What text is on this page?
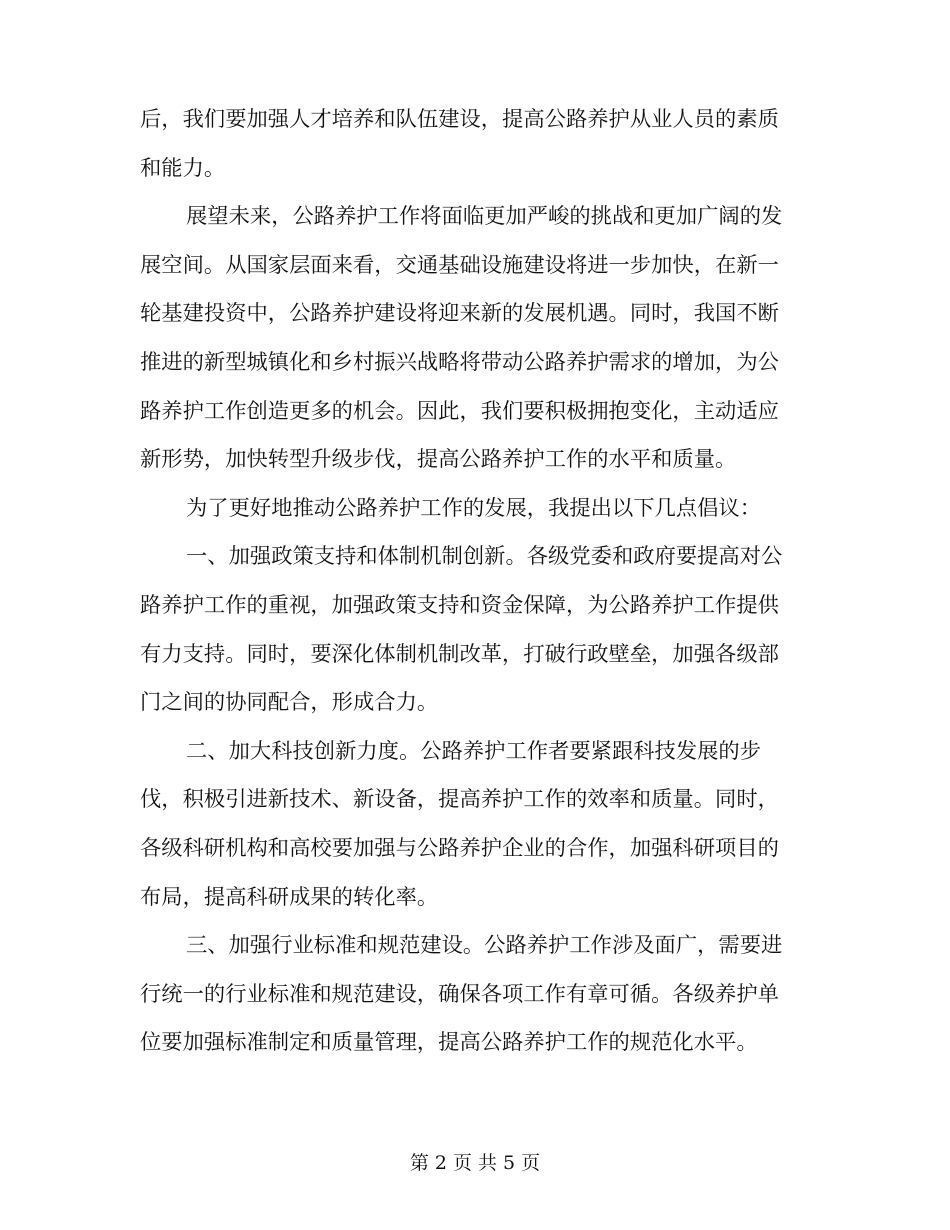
后，我们要加强人才培养和队伍建设，提高公路养护从业人员的素质
和能力。
展望未来，公路养护工作将面临更加严峻的挑战和更加广阔的发
展空间。从国家层面来看，交通基础设施建设将进一步加快，在新一
轮基建投资中，公路养护建设将迎来新的发展机遇。同时，我国不断
推进的新型城镇化和乡村振兴战略将带动公路养护需求的增加，为公
路养护工作创造更多的机会。因此，我们要积极拥抱变化，主动适应
新形势，加快转型升级步伐，提高公路养护工作的水平和质量。
为了更好地推动公路养护工作的发展，我提出以下几点倡议：
一、加强政策支持和体制机制创新。各级党委和政府要提高对公
路养护工作的重视，加强政策支持和资金保障，为公路养护工作提供
有力支持。同时，要深化体制机制改革，打破行政壁垒，加强各级部
门之间的协同配合，形成合力。
二、加大科技创新力度。公路养护工作者要紧跟科技发展的步
伐，积极引进新技术、新设备，提高养护工作的效率和质量。同时，
各级科研机构和高校要加强与公路养护企业的合作，加强科研项目的
布局，提高科研成果的转化率。
三、加强行业标准和规范建设。公路养护工作涉及面广，需要进
行统一的行业标准和规范建设，确保各项工作有章可循。各级养护单
位要加强标准制定和质量管理，提高公路养护工作的规范化水平。
第 2 页 共 5 页
